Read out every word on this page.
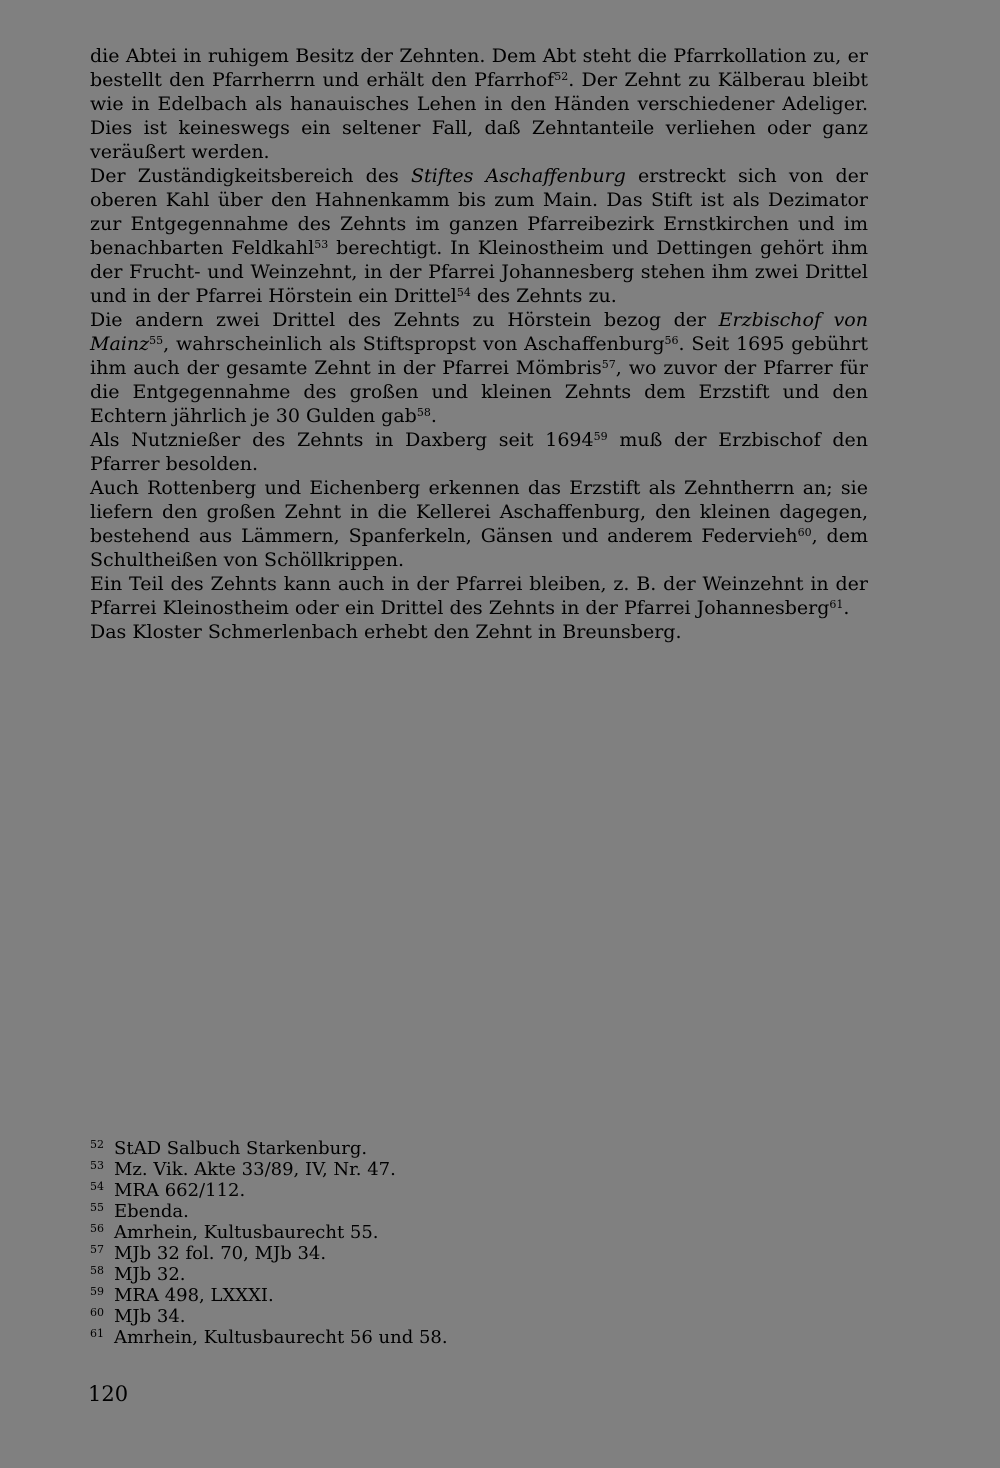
die Abtei in ruhigem Besitz der Zehnten. Dem Abt steht die Pfarrkollation zu, er bestellt den Pfarrherrn und erhält den Pfarrhof$^{52}$. Der Zehnt zu Kälberau bleibt wie in Edelbach als hanauisches Lehen in den Händen verschiedener Adeliger. Dies ist keineswegs ein seltener Fall, daß Zehntanteile verliehen oder ganz veräußert werden.

Der Zuständigkeitsbereich des Stiftes Aschaffenburg erstreckt sich von der oberen Kahl über den Hahnenkamm bis zum Main. Das Stift ist als Dezimator zur Entgegennahme des Zehnts im ganzen Pfarreibezirk Ernstkirchen und im benachbarten Feldkahl$^{53}$ berechtigt. In Kleinostheim und Dettingen gehört ihm der Frucht- und Weinzehnt, in der Pfarrei Johannesberg stehen ihm zwei Drittel und in der Pfarrei Hörstein ein Drittel$^{54}$ des Zehnts zu.

Die andern zwei Drittel des Zehnts zu Hörstein bezog der Erzbischof von Mainz$^{55}$, wahrscheinlich als Stiftspropst von Aschaffenburg$^{56}$. Seit 1695 gebührt ihm auch der gesamte Zehnt in der Pfarrei Mömbris$^{57}$, wo zuvor der Pfarrer für die Entgegennahme des großen und kleinen Zehnts dem Erzstift und den Echtern jährlich je 30 Gulden gab$^{58}$.

Als Nutznießer des Zehnts in Daxberg seit 1694$^{59}$ muß der Erzbischof den Pfarrer besolden.

Auch Rottenberg und Eichenberg erkennen das Erzstift als Zehntherrn an; sie liefern den großen Zehnt in die Kellerei Aschaffenburg, den kleinen dagegen, bestehend aus Lämmern, Spanferkeln, Gänsen und anderem Federvieh$^{60}$, dem Schultheißen von Schöllkrippen.

Ein Teil des Zehnts kann auch in der Pfarrei bleiben, z. B. der Weinzehnt in der Pfarrei Kleinostheim oder ein Drittel des Zehnts in der Pfarrei Johannesberg$^{61}$.

Das Kloster Schmerlenbach erhebt den Zehnt in Breunsberg.

$^{52}$ StAD Salbuch Starkenburg.
$^{53}$ Mz. Vik. Akte 33/89, IV, Nr. 47.
$^{54}$ MRA 662/112.
$^{55}$ Ebenda.
$^{56}$ Amrhein, Kultusbaurecht 55.
$^{57}$ MJb 32 fol. 70, MJb 34.
$^{58}$ MJb 32.
$^{59}$ MRA 498, LXXXI.
$^{60}$ MJb 34.
$^{61}$ Amrhein, Kultusbaurecht 56 und 58.
120
